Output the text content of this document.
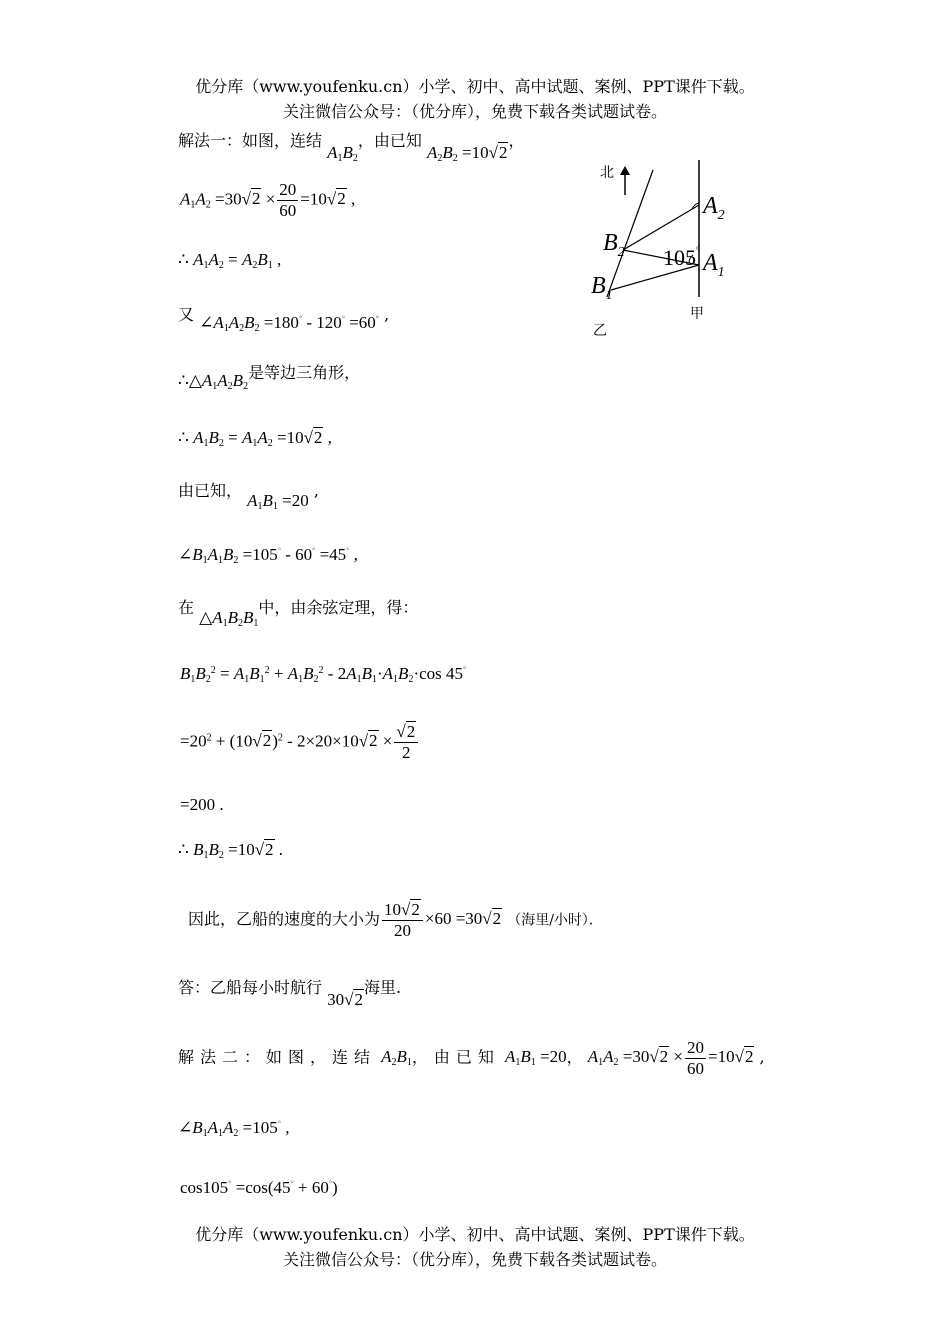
优分库（www.youfenku.cn）小学、初中、高中试题、案例、PPT课件下载。
关注微信公众号：（优分库），免费下载各类试题试卷。
北
$A_2$
$A_1$
$B_2$
$B_1$
105°
甲
乙
解法一：如图，连结 $A_1B_2$，由已知 $A_2B_2 =10√2$，
$A_1A_2 =30√2 \times \frac{20}{60} =10√2$ ,
∴ $A_1A_2 = A_2B_1$ ,
又 $\angle A_1A_2B_2 =180^\circ - 120^\circ =60^\circ$ ,
$\therefore\triangle A_1A_2B_2$是等边三角形，
∴ $A_1B_2 = A_1A_2 =10√2$ ,
由已知， $A_1B_1 =20$ ,
$\angle B_1A_1B_2 =105^\circ - 60^\circ =45^\circ$ ,
在 $\triangle A_1B_2B_1$中，由余弦定理，得：
$B_1B_2^2 = A_1B_1^2 + A_1B_2^2 - 2A_1B_1\cdot A_1B_2\cdot\cos$ 45°
$=20^2 + (10√2)^2 - 2\times 20\times 10√2 \times \frac{√2}{2}$
=200 .
∴ $B_1B_2 =10√2$ .
因此，乙船的速度的大小为 $\frac{10√2}{20} \times 60 =30√2$ （海里/小时）．
答：乙船每小时航行 30√2海里.
解法二：如图，连结 $A_2B_1$，由已知 $A_1B_1 =20$， $A_1A_2 =30√2 \times \frac{20}{60} =10√2$ ,
$\angle B_1A_1A_2 =105^\circ$ ,
cos105° =cos(45° + 60°)
优分库（www.youfenku.cn）小学、初中、高中试题、案例、PPT课件下载。
关注微信公众号：（优分库），免费下载各类试题试卷。
